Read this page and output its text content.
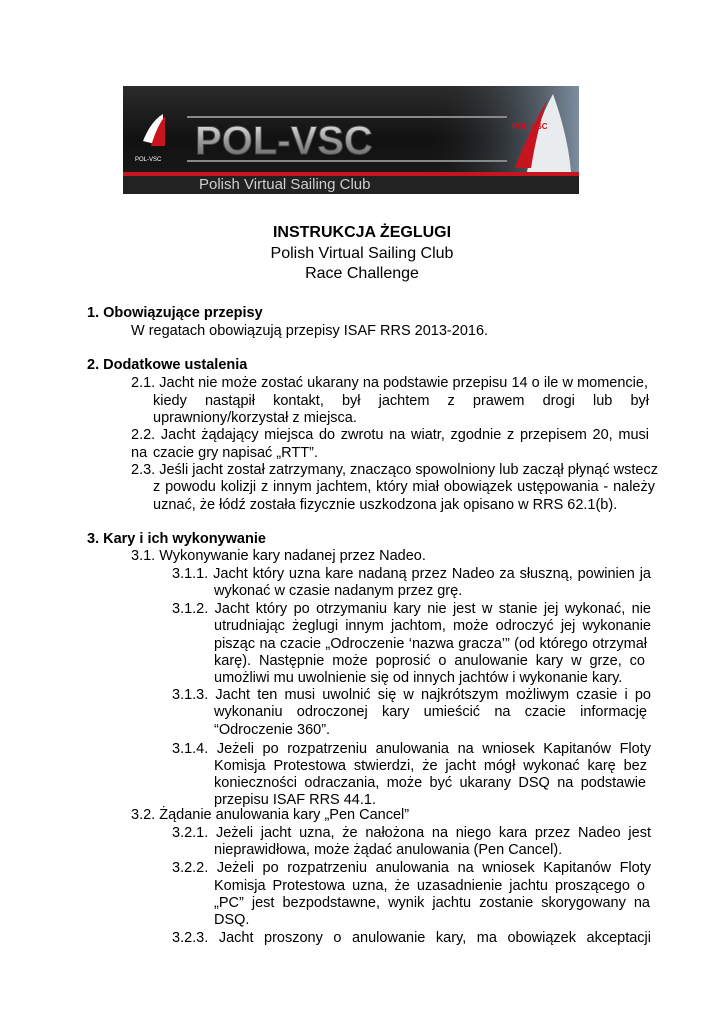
POL-VSC POL-VSC
Polish Virtual Sailing Club
POL-VSC
INSTRUKCJA ŻEGLUGI
Polish Virtual Sailing Club
Race Challenge
1. Obowiązujące przepisy
W regatach obowiązują przepisy ISAF RRS 2013-2016.
2. Dodatkowe ustalenia
2.1. Jacht nie może zostać ukarany na podstawie przepisu 14 o ile w momencie,
kiedy nastąpił kontakt, był jachtem z prawem drogi lub był
uprawniony/korzystał z miejsca.
2.2. Jacht żądający miejsca do zwrotu na wiatr, zgodnie z przepisem 20, musi na czacie gry napisać „RTT”.
2.3. Jeśli jacht został zatrzymany, znacząco spowolniony lub zaczął płynąć wstecz
z powodu kolizji z innym jachtem, który miał obowiązek ustępowania - należy
uznać, że łódź została fizycznie uszkodzona jak opisano w RRS 62.1(b).
3. Kary i ich wykonywanie
3.1. Wykonywanie kary nadanej przez Nadeo.
3.1.1. Jacht który uzna kare nadaną przez Nadeo za słuszną, powinien ja
wykonać w czasie nadanym przez grę.
3.1.2. Jacht który po otrzymaniu kary nie jest w stanie jej wykonać, nie
utrudniając żeglugi innym jachtom, może odroczyć jej wykonanie
pisząc na czacie „Odroczenie ‘nazwa gracza’” (od którego otrzymał
karę). Następnie może poprosić o anulowanie kary w grze, co
umożliwi mu uwolnienie się od innych jachtów i wykonanie kary.
3.1.3. Jacht ten musi uwolnić się w najkrótszym możliwym czasie i po
wykonaniu odroczonej kary umieścić na czacie informację
“Odroczenie 360”.
3.1.4. Jeżeli po rozpatrzeniu anulowania na wniosek Kapitanów Floty
Komisja Protestowa stwierdzi, że jacht mógł wykonać karę bez
konieczności odraczania, może być ukarany DSQ na podstawie
przepisu ISAF RRS 44.1.
3.2. Żądanie anulowania kary „Pen Cancel”
3.2.1. Jeżeli jacht uzna, że nałożona na niego kara przez Nadeo jest
nieprawidłowa, może żądać anulowania (Pen Cancel).
3.2.2. Jeżeli po rozpatrzeniu anulowania na wniosek Kapitanów Floty
Komisja Protestowa uzna, że uzasadnienie jachtu proszącego o
„PC” jest bezpodstawne, wynik jachtu zostanie skorygowany na
DSQ.
3.2.3. Jacht proszony o anulowanie kary, ma obowiązek akceptacji
